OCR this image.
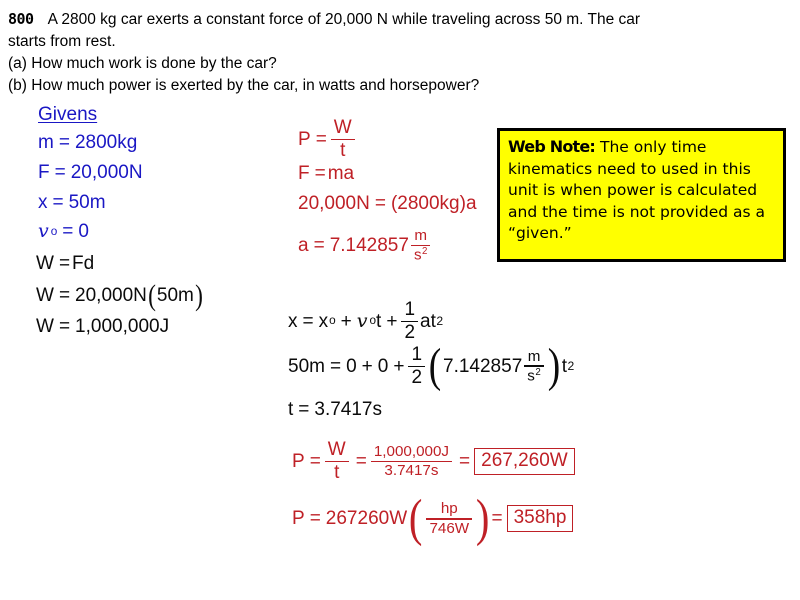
800 A 2800 kg car exerts a constant force of 20,000 N while traveling across 50 m. The car
starts from rest.
(a) How much work is done by the car?
(b) How much power is exerted by the car, in watts and horsepower?
Givens
m = 2800kg
F = 20,000N
x = 50m
v o = 0
W = Fd
W = 20,000N ( 50m )
W = 1,000,000J
$P = \frac{W}{t}$
F = ma
20,000N = ( 2800kg ) a
$a = 7.142857 \frac{m}{s2}$
x = x o + v o $t + \frac{1}{2}$ at 2
$50m = 0 + 0 + \frac{1}{2}$ ( $7.142857 \frac{m}{s2}$ ) t 2
t = 3.7417s
$P = \frac{W}{t} = \frac{1,000,000J}{3.7417s} = 267,260W$
P = 267260W ( $\frac{hp}{746W}$ ) = 358hp
Web Note: The only time kinematics need to used in this unit is when power is calculated and the time is not provided as a “given.”
